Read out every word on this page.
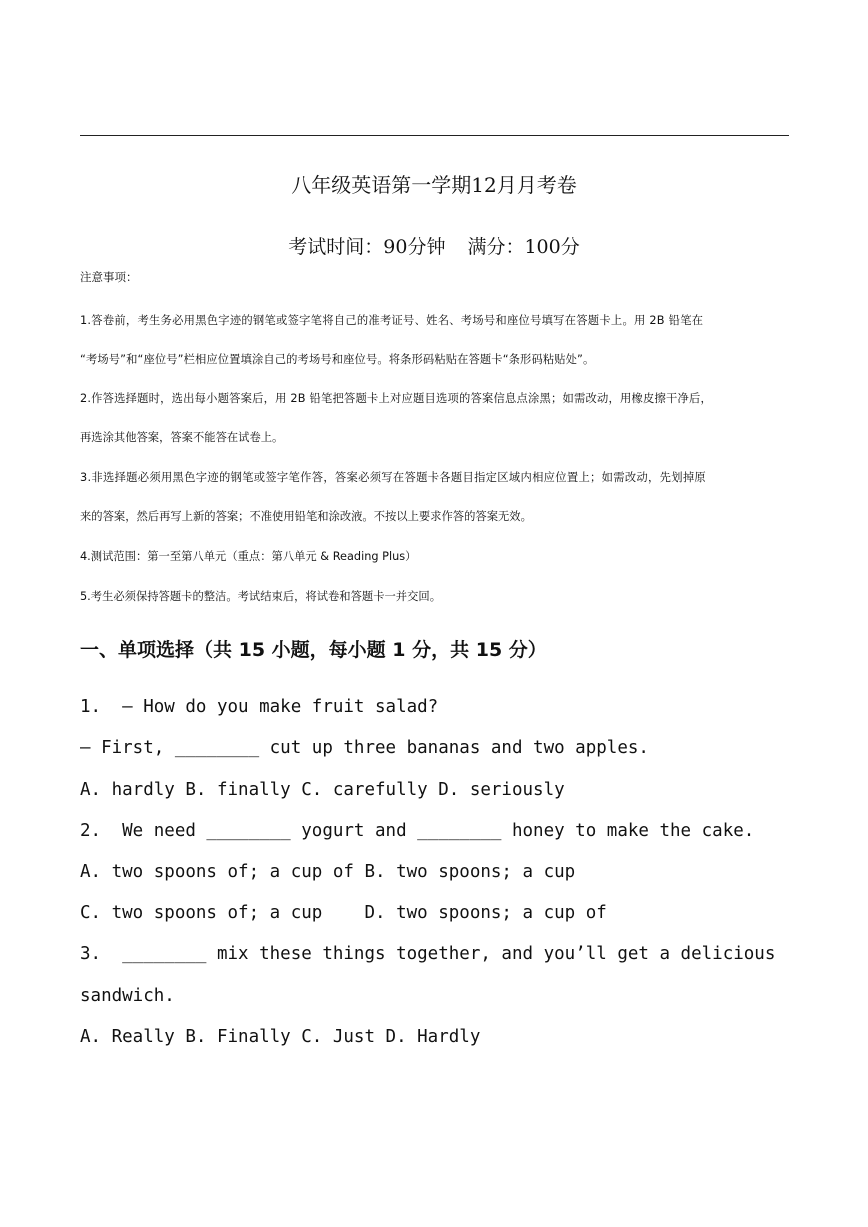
八年级英语第一学期12月月考卷
考试时间：90分钟 满分：100分
注意事项：
1.答卷前，考生务必用黑色字迹的钢笔或签字笔将自己的准考证号、姓名、考场号和座位号填写在答题卡上。用 2B 铅笔在
“考场号”和“座位号”栏相应位置填涂自己的考场号和座位号。将条形码粘贴在答题卡“条形码粘贴处”。
2.作答选择题时，选出每小题答案后，用 2B 铅笔把答题卡上对应题目选项的答案信息点涂黑；如需改动，用橡皮擦干净后，
再选涂其他答案，答案不能答在试卷上。
3.非选择题必须用黑色字迹的钢笔或签字笔作答，答案必须写在答题卡各题目指定区域内相应位置上；如需改动，先划掉原
来的答案，然后再写上新的答案；不准使用铅笔和涂改液。不按以上要求作答的答案无效。
4.测试范围：第一至第八单元（重点：第八单元 & Reading Plus）
5.考生必须保持答题卡的整洁。考试结束后，将试卷和答题卡一并交回。
一、单项选择（共 15 小题，每小题 1 分，共 15 分）
1.  — How do you make fruit salad?
— First, ________ cut up three bananas and two apples.
A. hardly B. finally C. carefully D. seriously
2.  We need ________ yogurt and ________ honey to make the cake.
A. two spoons of; a cup of B. two spoons; a cup
C. two spoons of; a cup    D. two spoons; a cup of
3.  ________ mix these things together, and you’ll get a delicious
sandwich.
A. Really B. Finally C. Just D. Hardly
